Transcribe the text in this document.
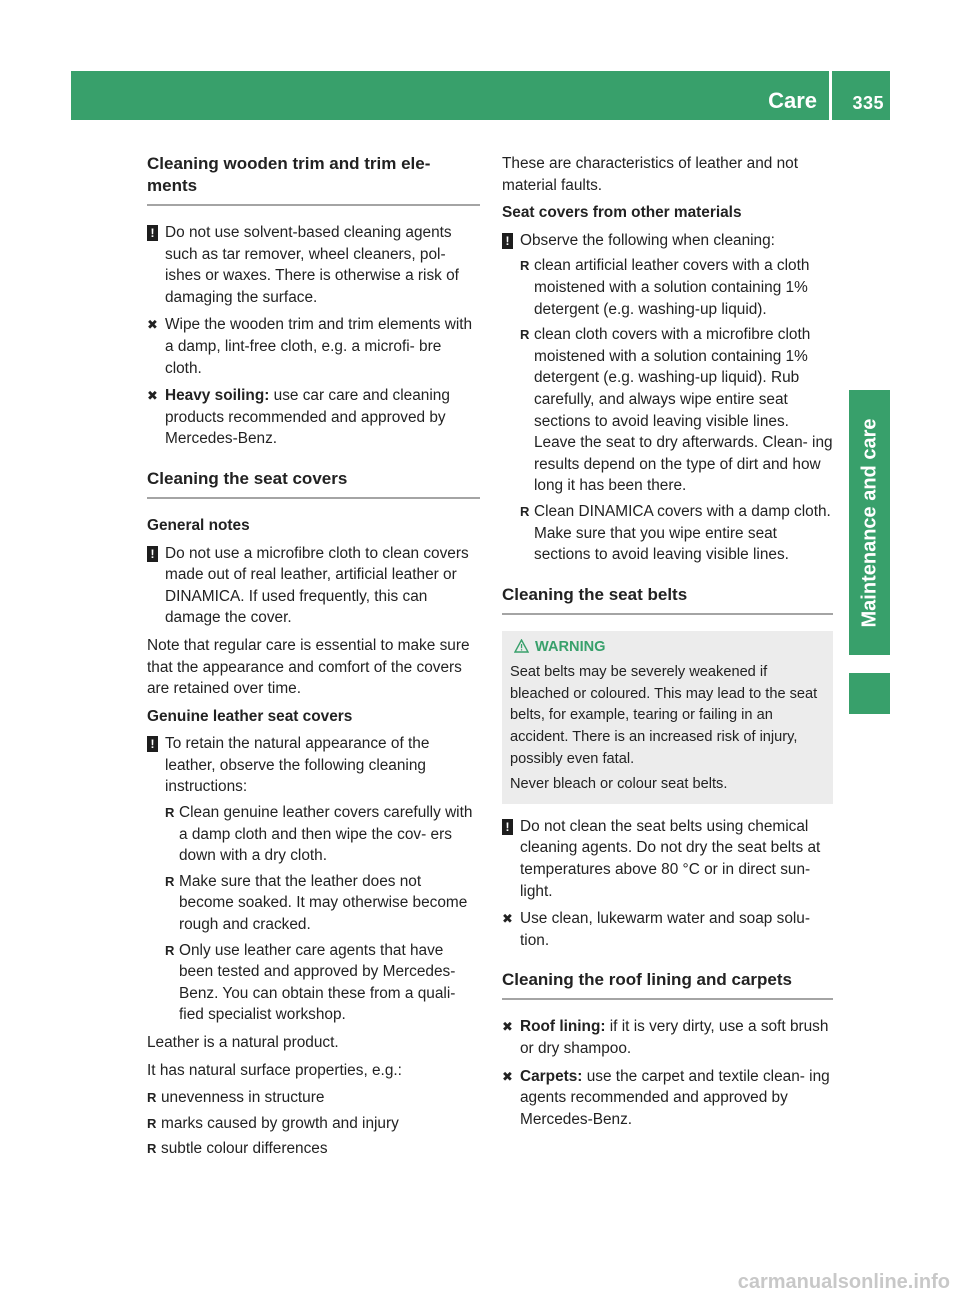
Care 335
Maintenance and care
Cleaning wooden trim and trim ele-
ments
! Do not use solvent-based cleaning agents such as tar remover, wheel cleaners, pol- ishes or waxes. There is otherwise a risk of damaging the surface.
✖ Wipe the wooden trim and trim elements with a damp, lint-free cloth, e.g. a microfi- bre cloth.
✖ Heavy soiling: use car care and cleaning products recommended and approved by Mercedes-Benz.
Cleaning the seat covers
General notes
! Do not use a microfibre cloth to clean covers made out of real leather, artificial leather or DINAMICA. If used frequently, this can damage the cover.

Note that regular care is essential to make sure that the appearance and comfort of the covers are retained over time.

Genuine leather seat covers
! To retain the natural appearance of the leather, observe the following cleaning instructions:
R Clean genuine leather covers carefully with a damp cloth and then wipe the cov- ers down with a dry cloth.
R Make sure that the leather does not become soaked. It may otherwise become rough and cracked.
R Only use leather care agents that have been tested and approved by Mercedes- Benz. You can obtain these from a quali- fied specialist workshop.

Leather is a natural product.

It has natural surface properties, e.g.:

R unevenness in structure
R marks caused by growth and injury
R subtle colour differences

These are characteristics of leather and not material faults.

Seat covers from other materials
! Observe the following when cleaning:
R clean artificial leather covers with a cloth moistened with a solution containing 1% detergent (e.g. washing-up liquid).
R clean cloth covers with a microfibre cloth moistened with a solution containing 1% detergent (e.g. washing-up liquid). Rub carefully, and always wipe entire seat sections to avoid leaving visible lines. Leave the seat to dry afterwards. Clean- ing results depend on the type of dirt and how long it has been there.
R Clean DINAMICA covers with a damp cloth. Make sure that you wipe entire seat sections to avoid leaving visible lines.
Cleaning the seat belts
WARNING

Seat belts may be severely weakened if bleached or coloured. This may lead to the seat belts, for example, tearing or failing in an accident. There is an increased risk of injury, possibly even fatal.

Never bleach or colour seat belts.

! Do not clean the seat belts using chemical cleaning agents. Do not dry the seat belts at temperatures above 80 °C or in direct sun- light.
✖ Use clean, lukewarm water and soap solu- tion.
Cleaning the roof lining and carpets
✖ Roof lining: if it is very dirty, use a soft brush or dry shampoo.
✖ Carpets: use the carpet and textile clean- ing agents recommended and approved by Mercedes-Benz.
carmanualsonline.info
